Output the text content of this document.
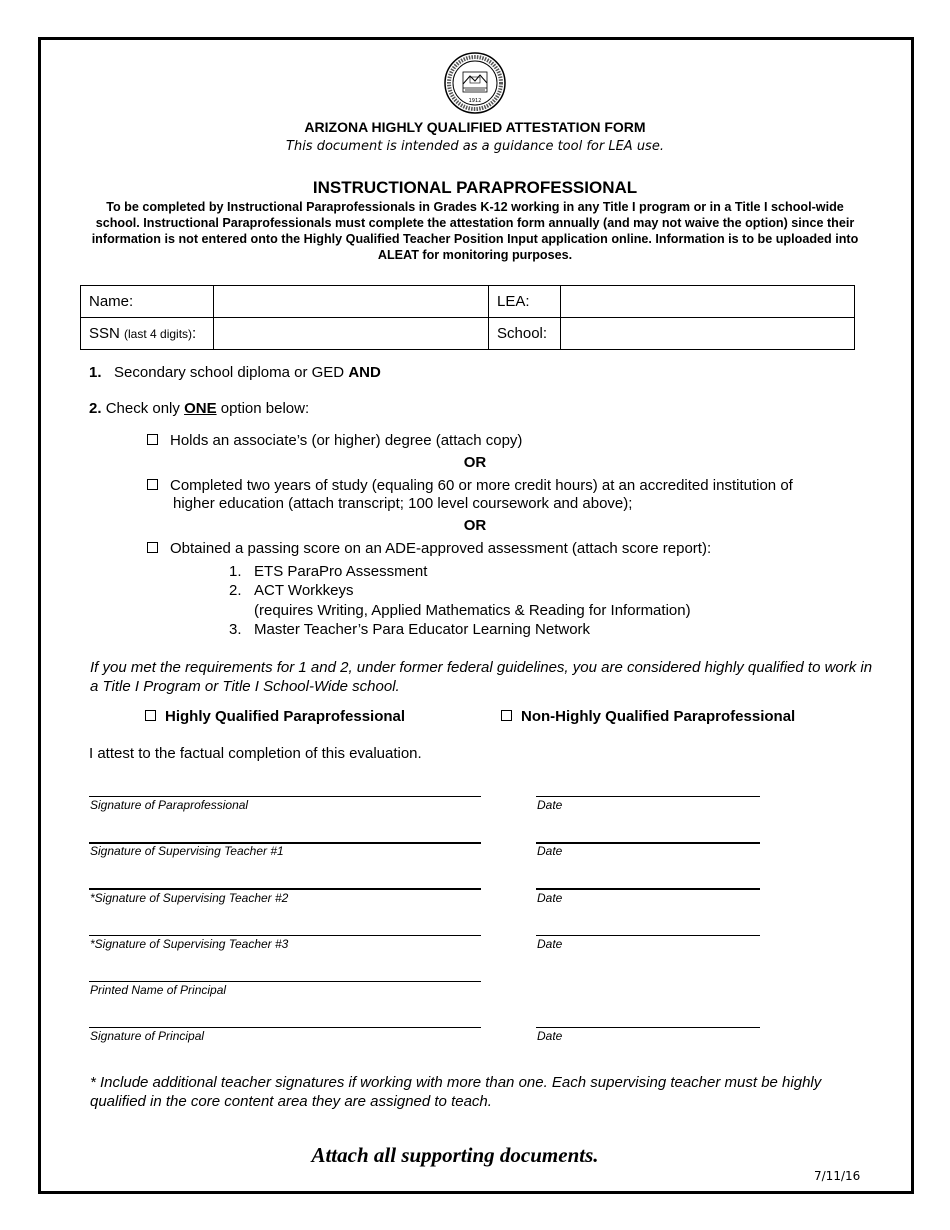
1912
ARIZONA HIGHLY QUALIFIED ATTESTATION FORM
This document is intended as a guidance tool for LEA use.
INSTRUCTIONAL PARAPROFESSIONAL
To be completed by Instructional Paraprofessionals in Grades K-12 working in any Title I program or in a Title I school-wide school. Instructional Paraprofessionals must complete the attestation form annually (and may not waive the option) since their information is not entered onto the Highly Qualified Teacher Position Input application online. Information is to be uploaded into ALEAT for monitoring purposes.
Name:		LEA:	
SSN (last 4 digits):		School:	
1. Secondary school diploma or GED AND
2. Check only ONE option below:
Holds an associate’s (or higher) degree (attach copy)
OR
Completed two years of study (equaling 60 or more credit hours) at an accredited institution of
higher education (attach transcript; 100 level coursework and above);
OR
Obtained a passing score on an ADE-approved assessment (attach score report):
1. ETS ParaPro Assessment
2. ACT Workkeys
(requires Writing, Applied Mathematics & Reading for Information)
3. Master Teacher’s Para Educator Learning Network
If you met the requirements for 1 and 2, under former federal guidelines, you are considered highly qualified to work in a Title I Program or Title I School-Wide school.
Highly Qualified Paraprofessional	Non-Highly Qualified Paraprofessional
I attest to the factual completion of this evaluation.
Signature of Paraprofessional	Date
Signature of Supervising Teacher #1	Date
*Signature of Supervising Teacher #2	Date
*Signature of Supervising Teacher #3	Date
Printed Name of Principal
Signature of Principal	Date
* Include additional teacher signatures if working with more than one. Each supervising teacher must be highly qualified in the core content area they are assigned to teach.
Attach all supporting documents.
7/11/16
